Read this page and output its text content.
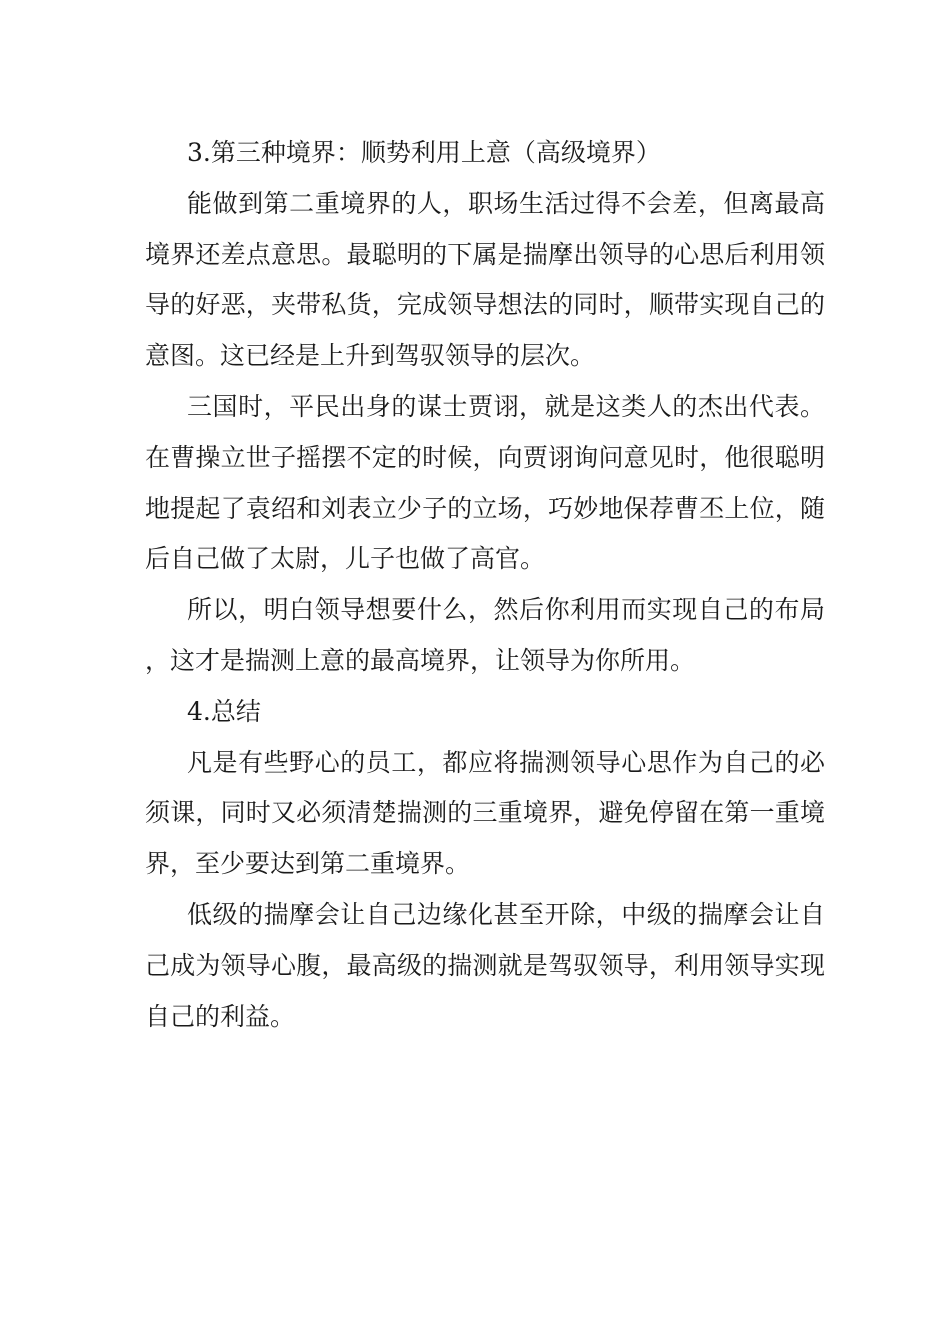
3.第三种境界：顺势利用上意（高级境界）

能做到第二重境界的人，职场生活过得不会差，但离最高境界还差点意思。最聪明的下属是揣摩出领导的心思后利用领导的好恶，夹带私货，完成领导想法的同时，顺带实现自己的意图。这已经是上升到驾驭领导的层次。

三国时，平民出身的谋士贾诩，就是这类人的杰出代表。在曹操立世子摇摆不定的时候，向贾诩询问意见时，他很聪明地提起了袁绍和刘表立少子的立场，巧妙地保荐曹丕上位，随后自己做了太尉，儿子也做了高官。

所以，明白领导想要什么，然后你利用而实现自己的布局，这才是揣测上意的最高境界，让领导为你所用。

4.总结

凡是有些野心的员工，都应将揣测领导心思作为自己的必须课，同时又必须清楚揣测的三重境界，避免停留在第一重境界，至少要达到第二重境界。

低级的揣摩会让自己边缘化甚至开除，中级的揣摩会让自己成为领导心腹，最高级的揣测就是驾驭领导，利用领导实现自己的利益。
